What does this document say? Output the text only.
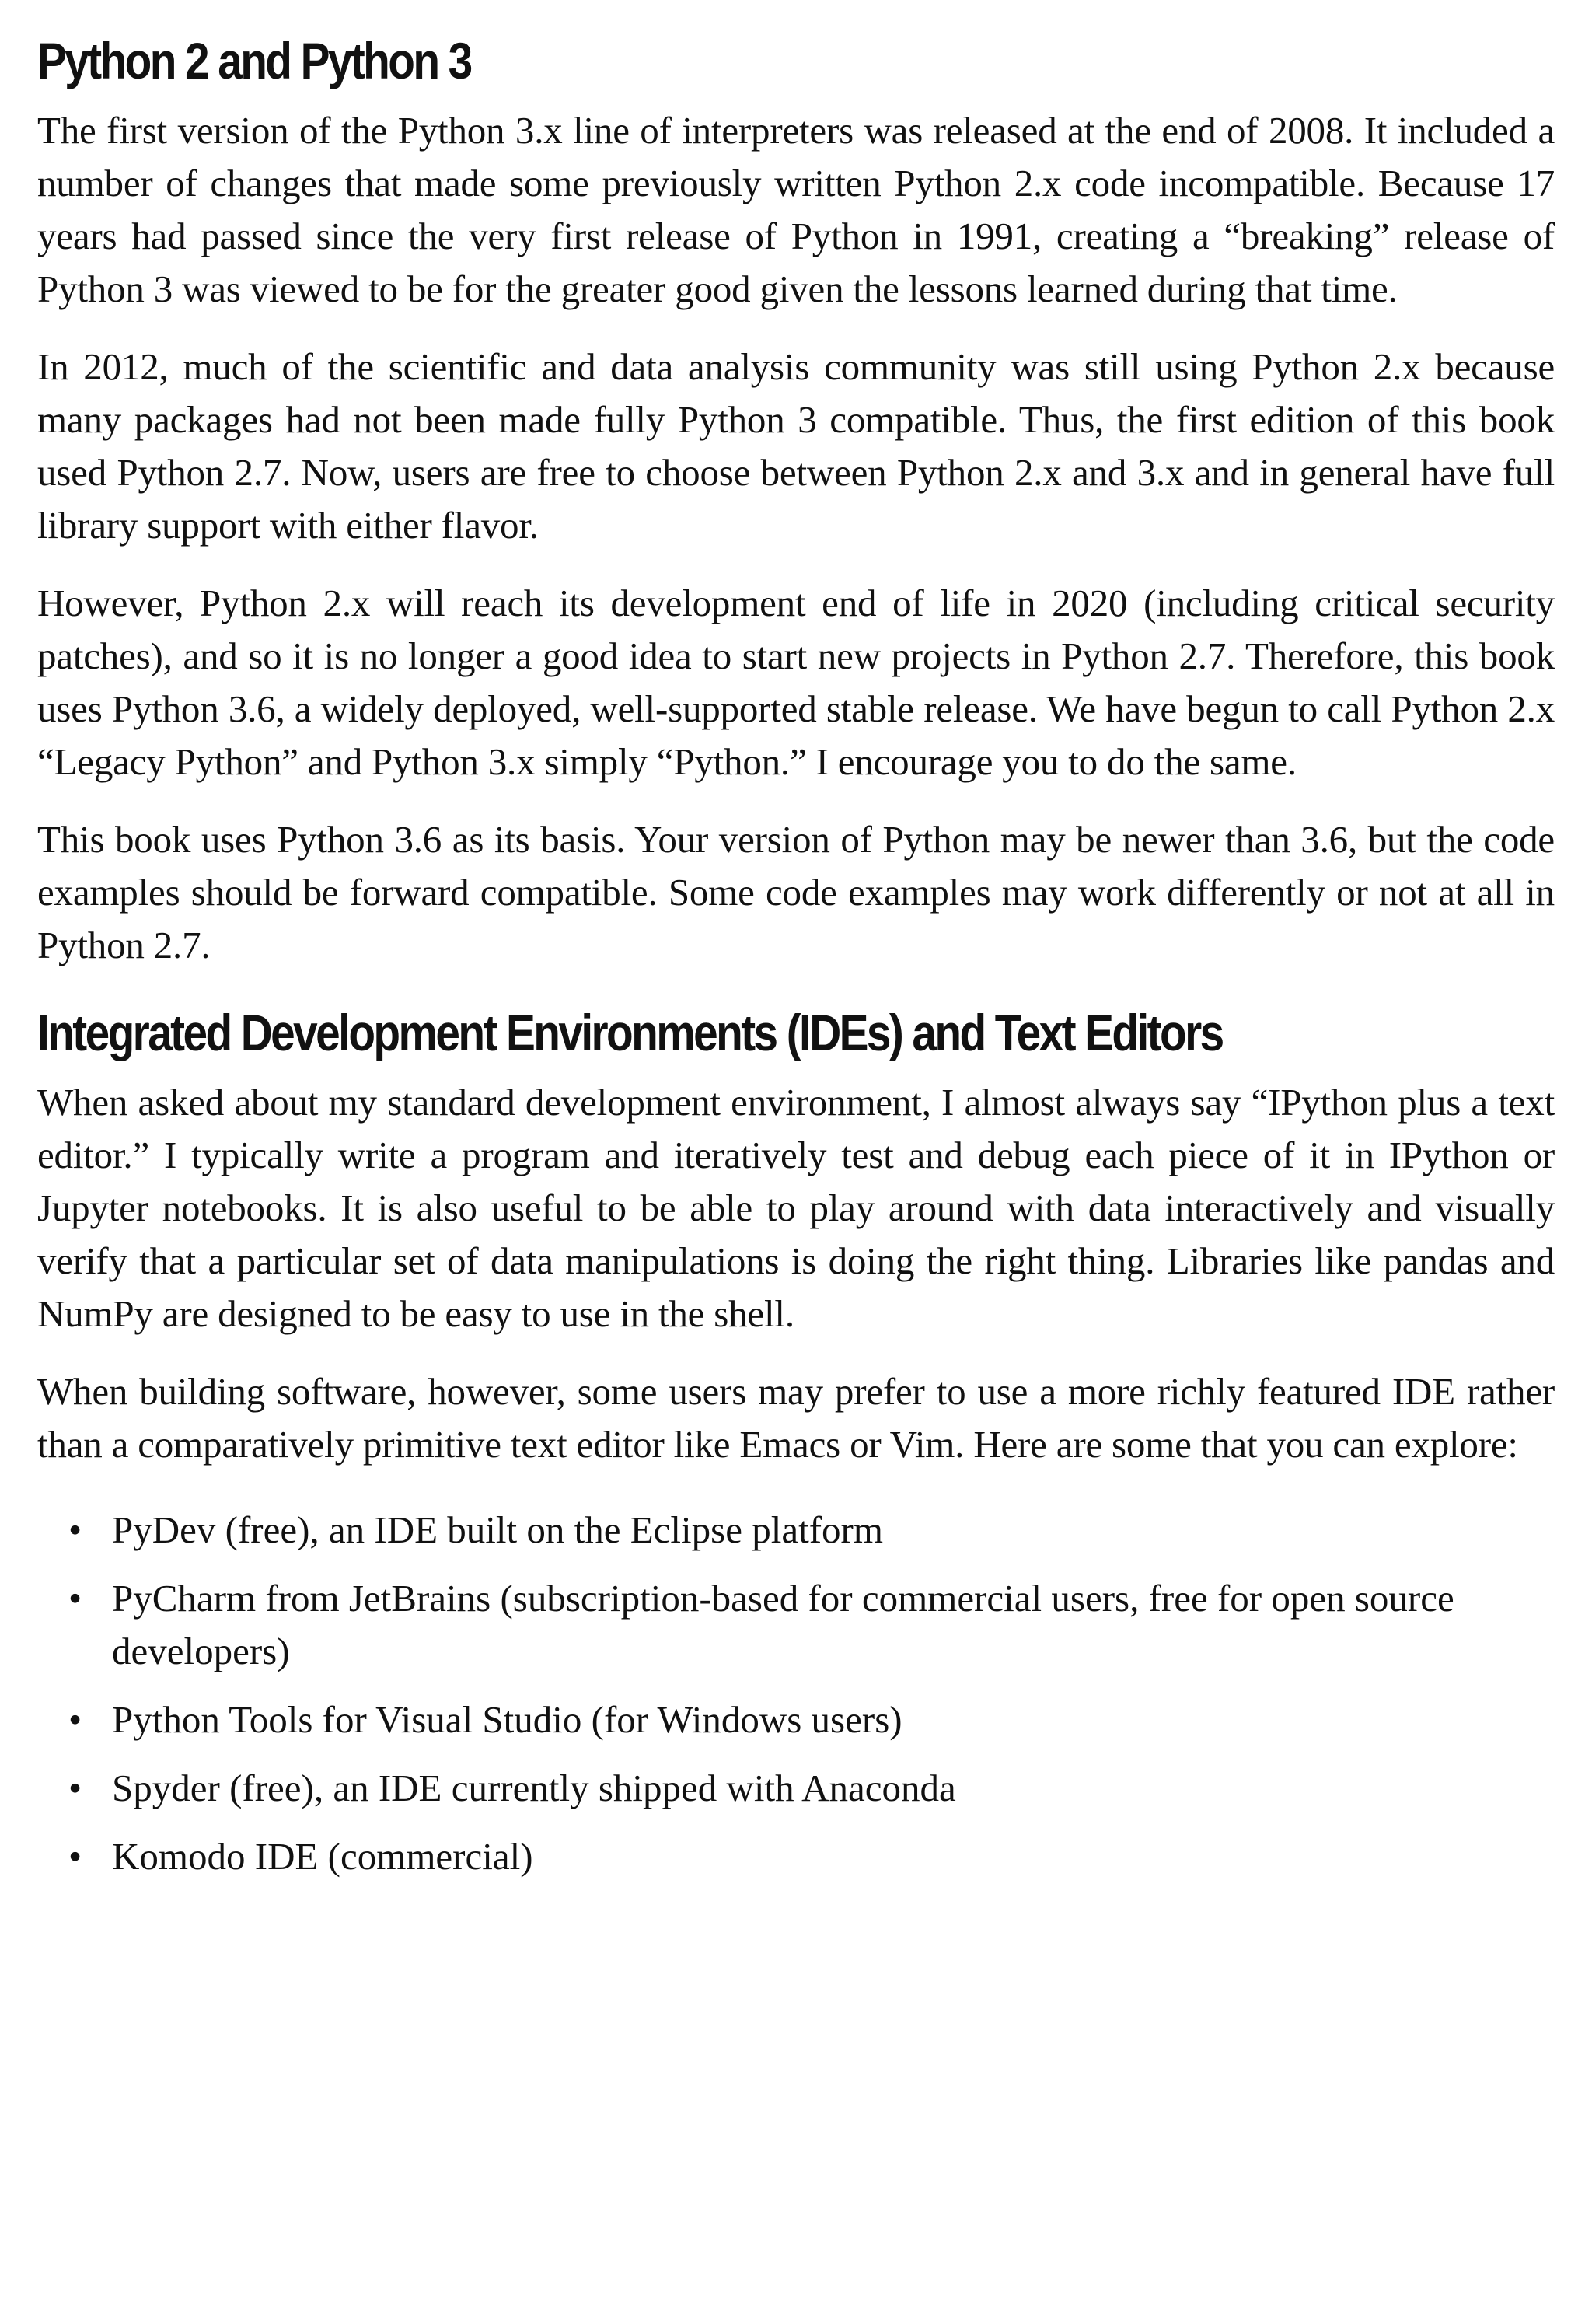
Python 2 and Python 3

The first version of the Python 3.x line of interpreters was released at the end of 2008. It included a number of changes that made some previously written Python 2.x code incompatible. Because 17 years had passed since the very first release of Python in 1991, creating a “breaking” release of Python 3 was viewed to be for the greater good given the lessons learned during that time.

In 2012, much of the scientific and data analysis community was still using Python 2.x because many packages had not been made fully Python 3 compatible. Thus, the first edition of this book used Python 2.7. Now, users are free to choose between Python 2.x and 3.x and in general have full library support with either flavor.

However, Python 2.x will reach its development end of life in 2020 (including critical security patches), and so it is no longer a good idea to start new projects in Python 2.7. Therefore, this book uses Python 3.6, a widely deployed, well-supported stable release. We have begun to call Python 2.x “Legacy Python” and Python 3.x simply “Python.” I encourage you to do the same.

This book uses Python 3.6 as its basis. Your version of Python may be newer than 3.6, but the code examples should be forward compatible. Some code examples may work differently or not at all in Python 2.7.

Integrated Development Environments (IDEs) and Text Editors

When asked about my standard development environment, I almost always say “IPython plus a text editor.” I typically write a program and iteratively test and debug each piece of it in IPython or Jupyter notebooks. It is also useful to be able to play around with data interactively and visually verify that a particular set of data manipulations is doing the right thing. Libraries like pandas and NumPy are designed to be easy to use in the shell.

When building software, however, some users may prefer to use a more richly featured IDE rather than a comparatively primitive text editor like Emacs or Vim. Here are some that you can explore:

• PyDev (free), an IDE built on the Eclipse platform
• PyCharm from JetBrains (subscription-based for commercial users, free for open source developers)
• Python Tools for Visual Studio (for Windows users)
• Spyder (free), an IDE currently shipped with Anaconda
• Komodo IDE (commercial)
